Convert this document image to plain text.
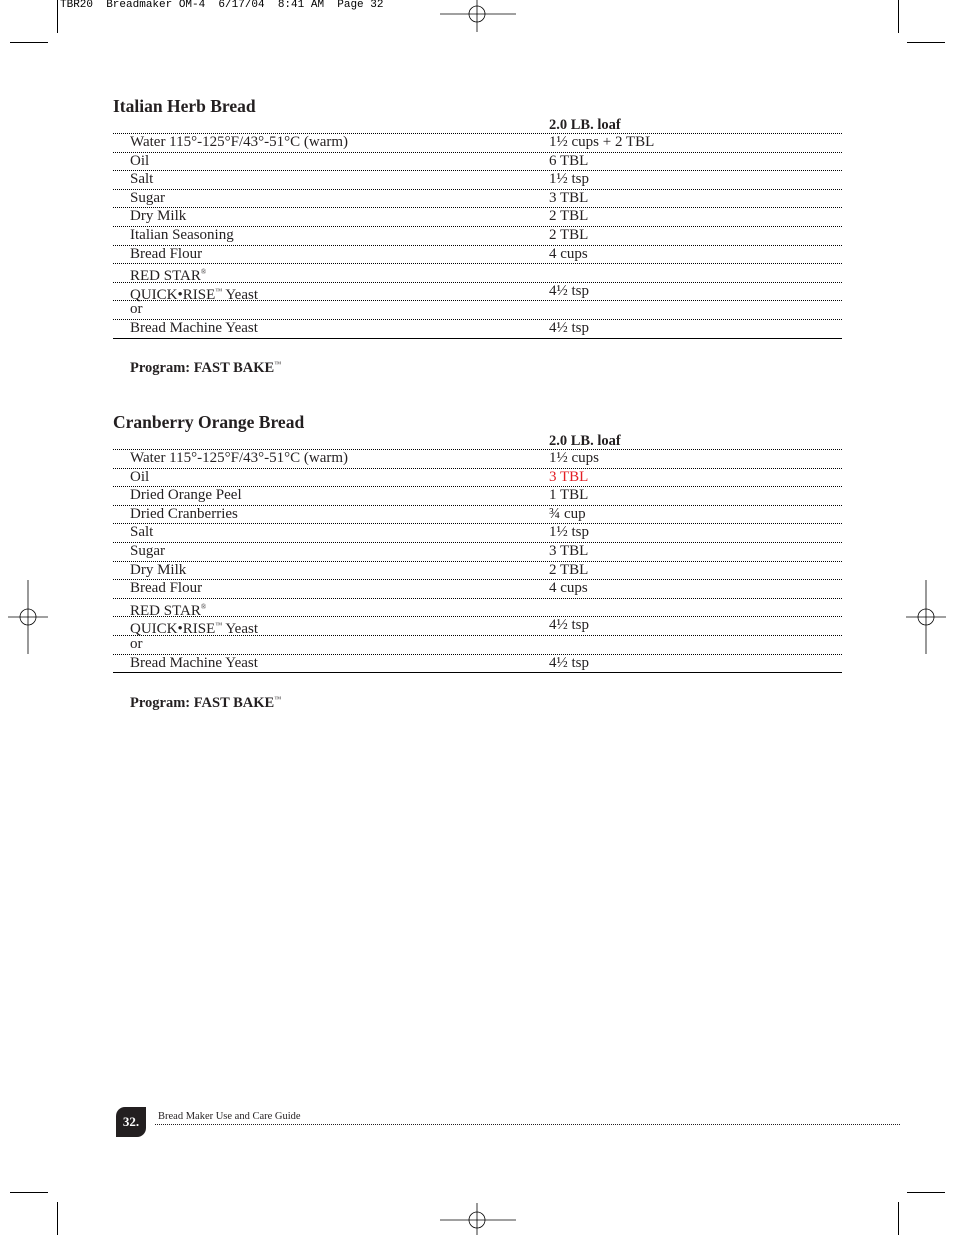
TBR20  Breadmaker OM-4  6/17/04  8:41 AM  Page 32
Italian Herb Bread
2.0 LB. loaf
Water 115°-125°F/43°-51°C (warm)	1½ cups + 2 TBL
Oil	6 TBL
Salt	1½ tsp
Sugar	3 TBL
Dry Milk	2 TBL
Italian Seasoning	2 TBL
Bread Flour	4 cups
RED STAR®
QUICK•RISE™ Yeast	4½ tsp
or
Bread Machine Yeast	4½ tsp
Program: FAST BAKE™
Cranberry Orange Bread
2.0 LB. loaf
Water 115°-125°F/43°-51°C (warm)	1½ cups
Oil	3 TBL
Dried Orange Peel	1 TBL
Dried Cranberries	¾ cup
Salt	1½ tsp
Sugar	3 TBL
Dry Milk	2 TBL
Bread Flour	4 cups
RED STAR®
QUICK•RISE™ Yeast	4½ tsp
or
Bread Machine Yeast	4½ tsp
Program: FAST BAKE™
32.	Bread Maker Use and Care Guide
